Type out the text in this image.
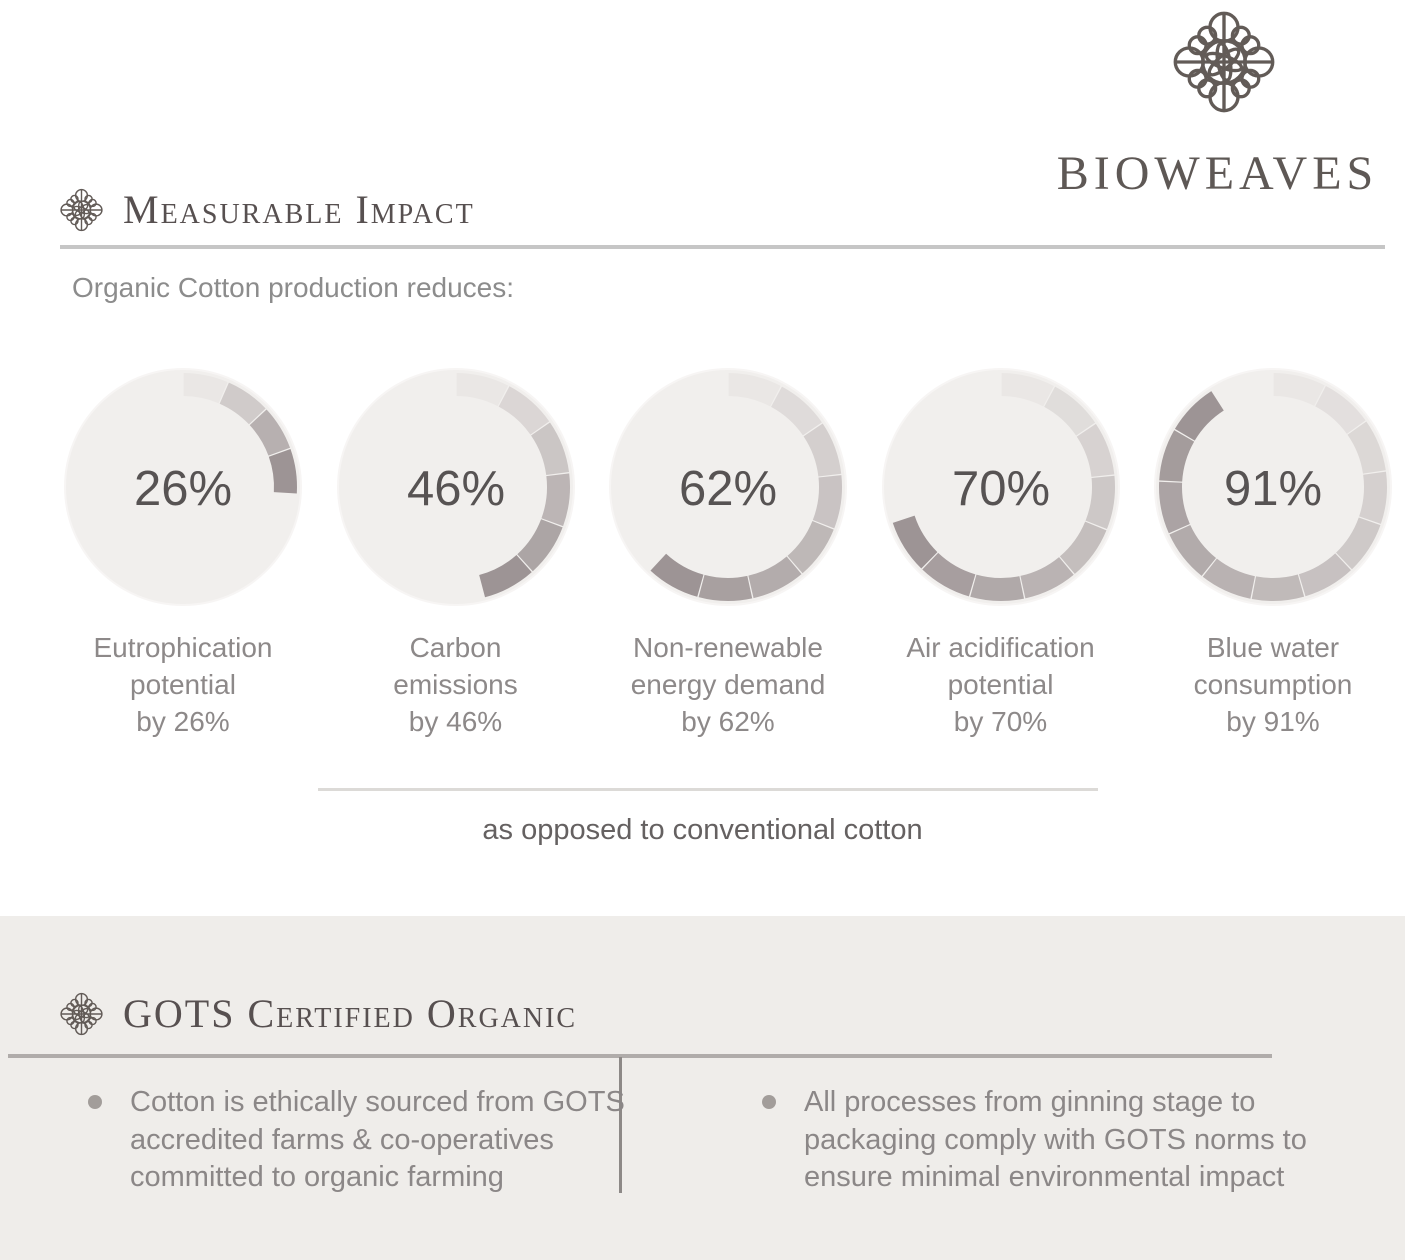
BIOWEAVES
Measurable Impact

Organic Cotton production reduces:

26%
Eutrophication
potential
by 26%
46%
Carbon
emissions
by 46%
62%
Non-renewable
energy demand
by 62%
70%
Air acidification
potential
by 70%
91%
Blue water
consumption
by 91%

as opposed to conventional cotton

GOTS Certified Organic

Cotton is ethically sourced from GOTS accredited farms & co-operatives committed to organic farming

All processes from ginning stage to packaging comply with GOTS norms to ensure minimal environmental impact
